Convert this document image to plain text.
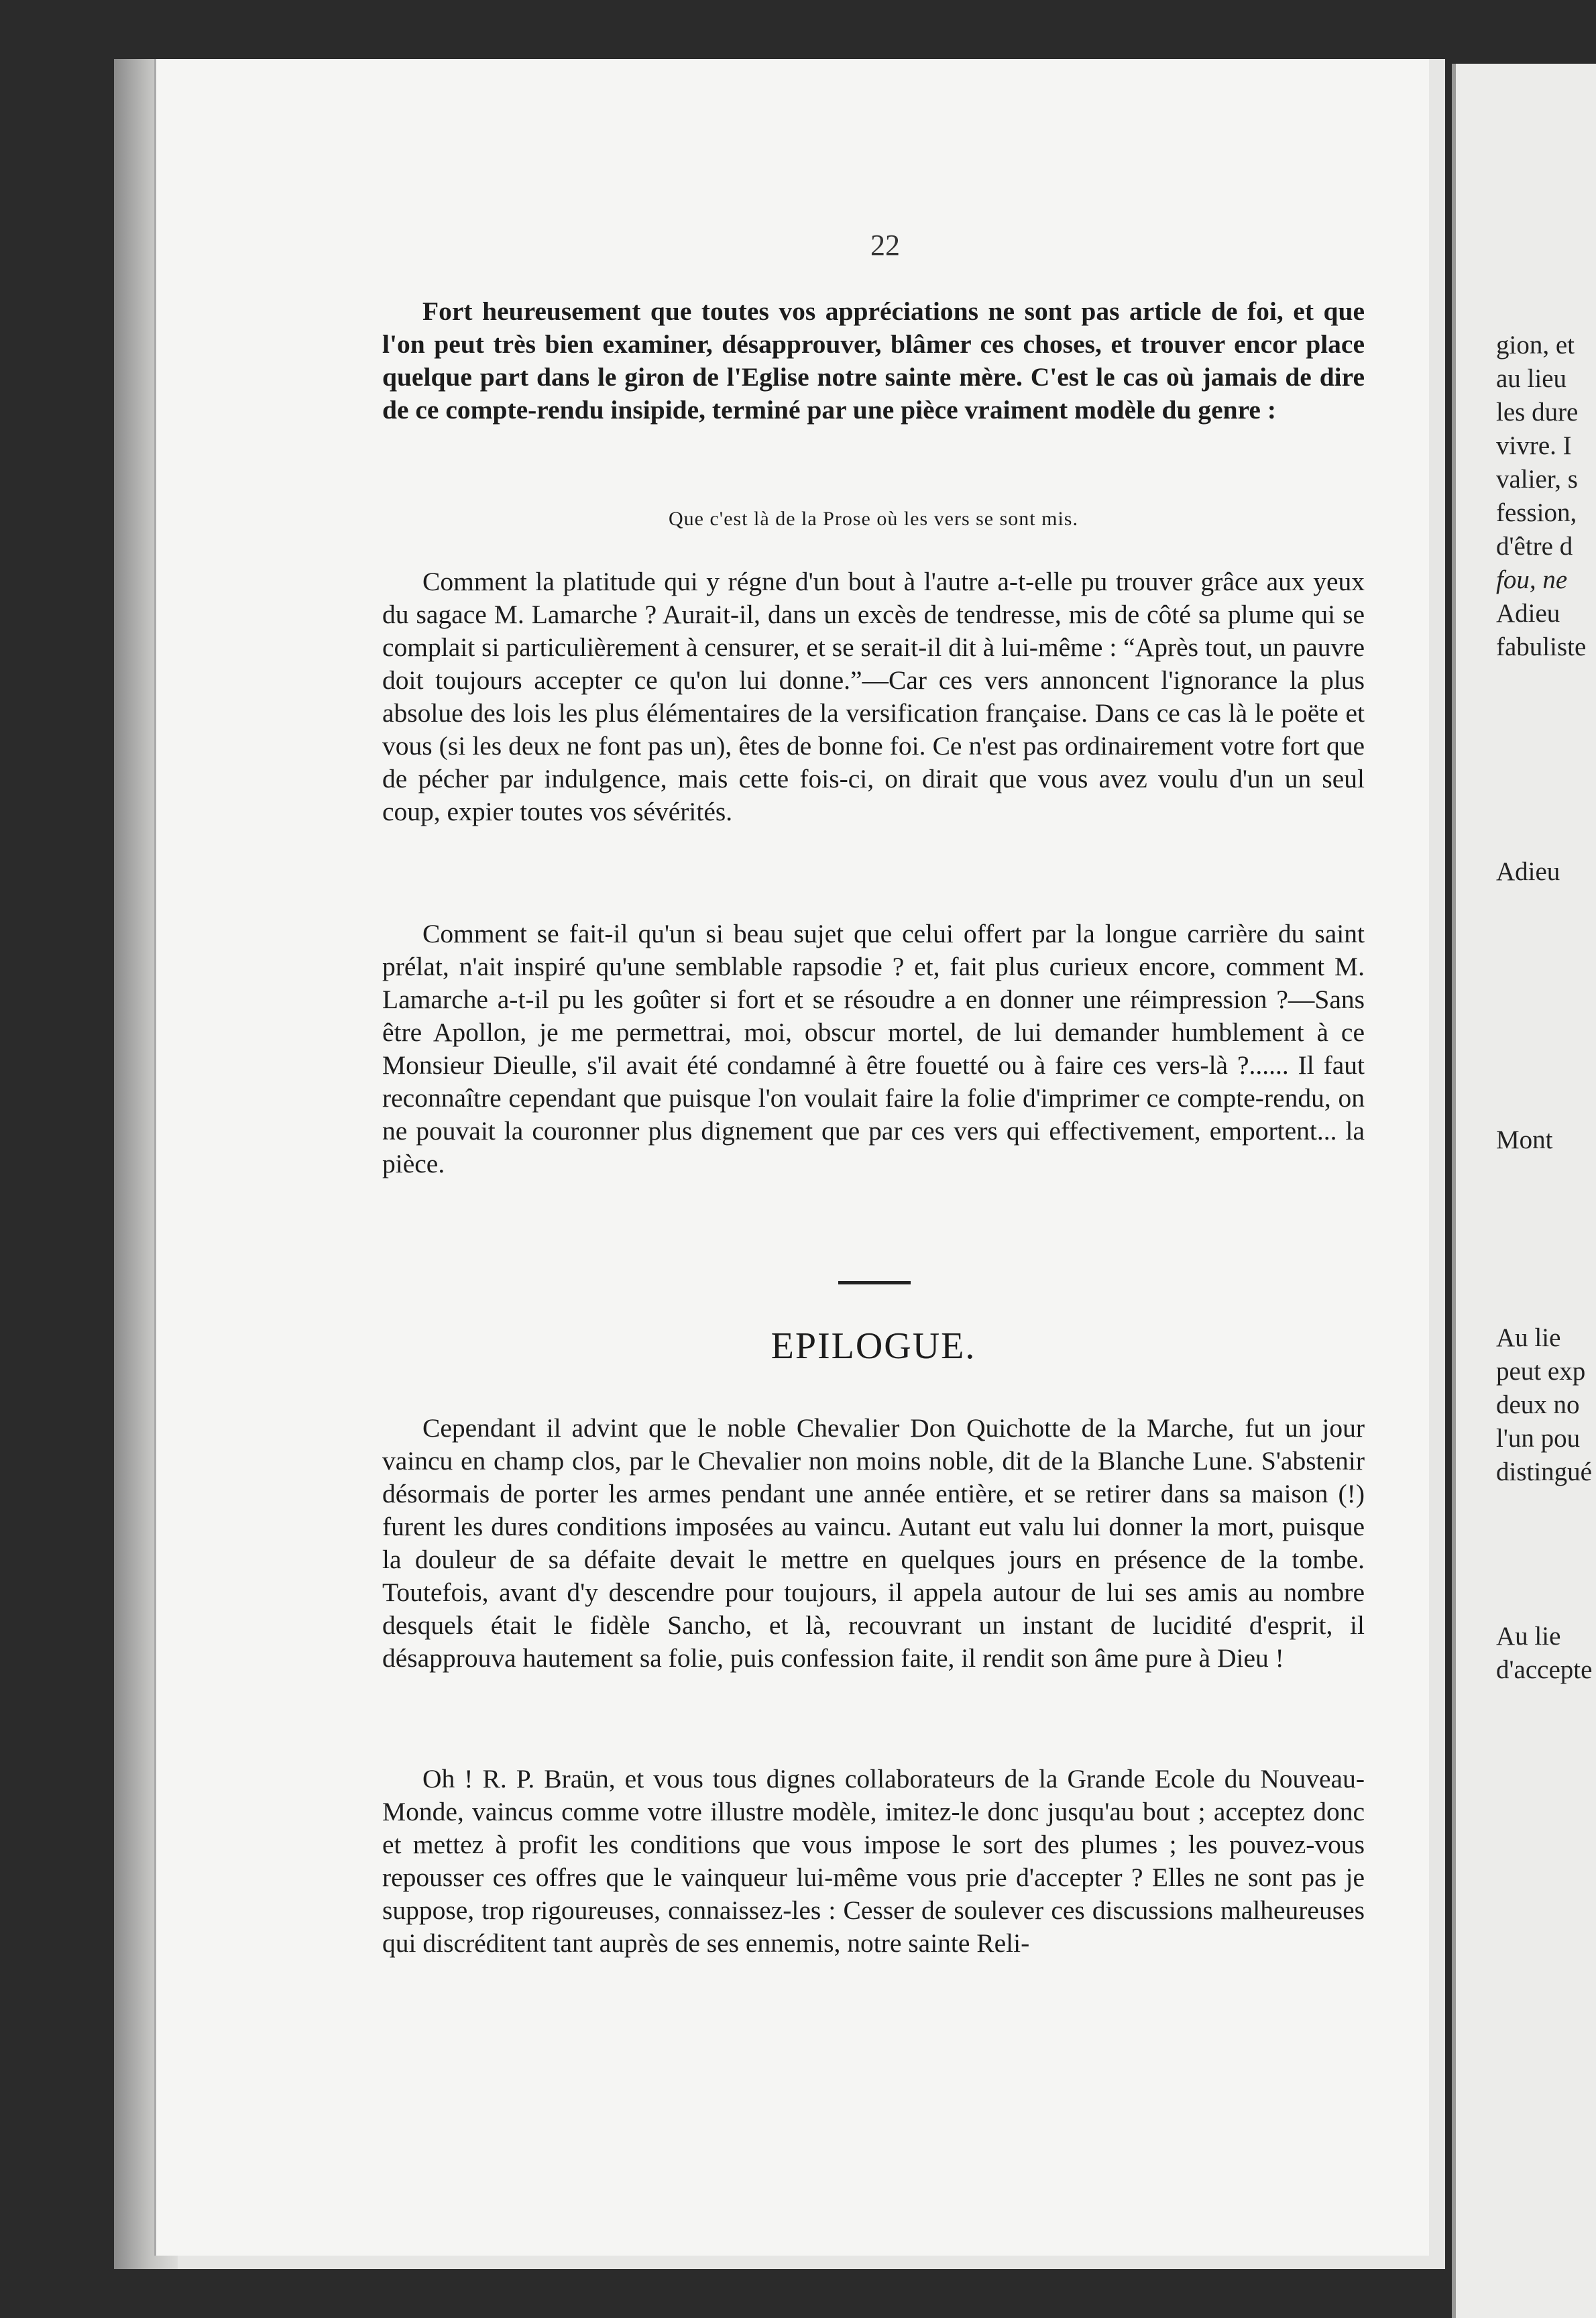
22

Fort heureusement que toutes vos appréciations ne sont pas article de foi, et que l'on peut très bien examiner, désapprouver, blâmer ces choses, et trouver encor place quelque part dans le giron de l'Eglise notre sainte mère. C'est le cas où jamais de dire de ce compte-rendu insipide, terminé par une pièce vraiment modèle du genre :

Que c'est là de la Prose où les vers se sont mis.

Comment la platitude qui y régne d'un bout à l'autre a-t-elle pu trouver grâce aux yeux du sagace M. Lamarche ? Aurait-il, dans un excès de tendresse, mis de côté sa plume qui se complait si particulièrement à censurer, et se serait-il dit à lui-même : “Après tout, un pauvre doit toujours accepter ce qu'on lui donne.”—Car ces vers annoncent l'ignorance la plus absolue des lois les plus élémentaires de la versification française. Dans ce cas là le poëte et vous (si les deux ne font pas un), êtes de bonne foi. Ce n'est pas ordinairement votre fort que de pécher par indulgence, mais cette fois-ci, on dirait que vous avez voulu d'un un seul coup, expier toutes vos sévérités.

Comment se fait-il qu'un si beau sujet que celui offert par la longue carrière du saint prélat, n'ait inspiré qu'une semblable rapsodie ? et, fait plus curieux encore, comment M. Lamarche a-t-il pu les goûter si fort et se résoudre a en donner une réimpression ?—Sans être Apollon, je me permettrai, moi, obscur mortel, de lui demander humblement à ce Monsieur Dieulle, s'il avait été condamné à être fouetté ou à faire ces vers-là ?...... Il faut reconnaître cependant que puisque l'on voulait faire la folie d'imprimer ce compte-rendu, on ne pouvait la couronner plus dignement que par ces vers qui effectivement, emportent... la pièce.

EPILOGUE.

Cependant il advint que le noble Chevalier Don Quichotte de la Marche, fut un jour vaincu en champ clos, par le Chevalier non moins noble, dit de la Blanche Lune. S'abstenir désormais de porter les armes pendant une année entière, et se retirer dans sa maison (!) furent les dures conditions imposées au vaincu. Autant eut valu lui donner la mort, puisque la douleur de sa défaite devait le mettre en quelques jours en présence de la tombe. Toutefois, avant d'y descendre pour toujours, il appela autour de lui ses amis au nombre desquels était le fidèle Sancho, et là, recouvrant un instant de lucidité d'esprit, il désapprouva hautement sa folie, puis confession faite, il rendit son âme pure à Dieu !

Oh ! R. P. Braün, et vous tous dignes collaborateurs de la Grande Ecole du Nouveau-Monde, vaincus comme votre illustre modèle, imitez-le donc jusqu'au bout ; acceptez donc et mettez à profit les conditions que vous impose le sort des plumes ; les pouvez-vous repousser ces offres que le vainqueur lui-même vous prie d'accepter ? Elles ne sont pas je suppose, trop rigoureuses, connaissez-les : Cesser de soulever ces discussions malheureuses qui discréditent tant auprès de ses ennemis, notre sainte Reli-

gion, et
au lieu
les dure
vivre. I
valier, s
fession,
d'être d
fou, ne
Adieu
fabuliste
Adieu
Mont
Au lie
peut exp
deux no
l'un pou
distingué
Au lie
d'accepte
